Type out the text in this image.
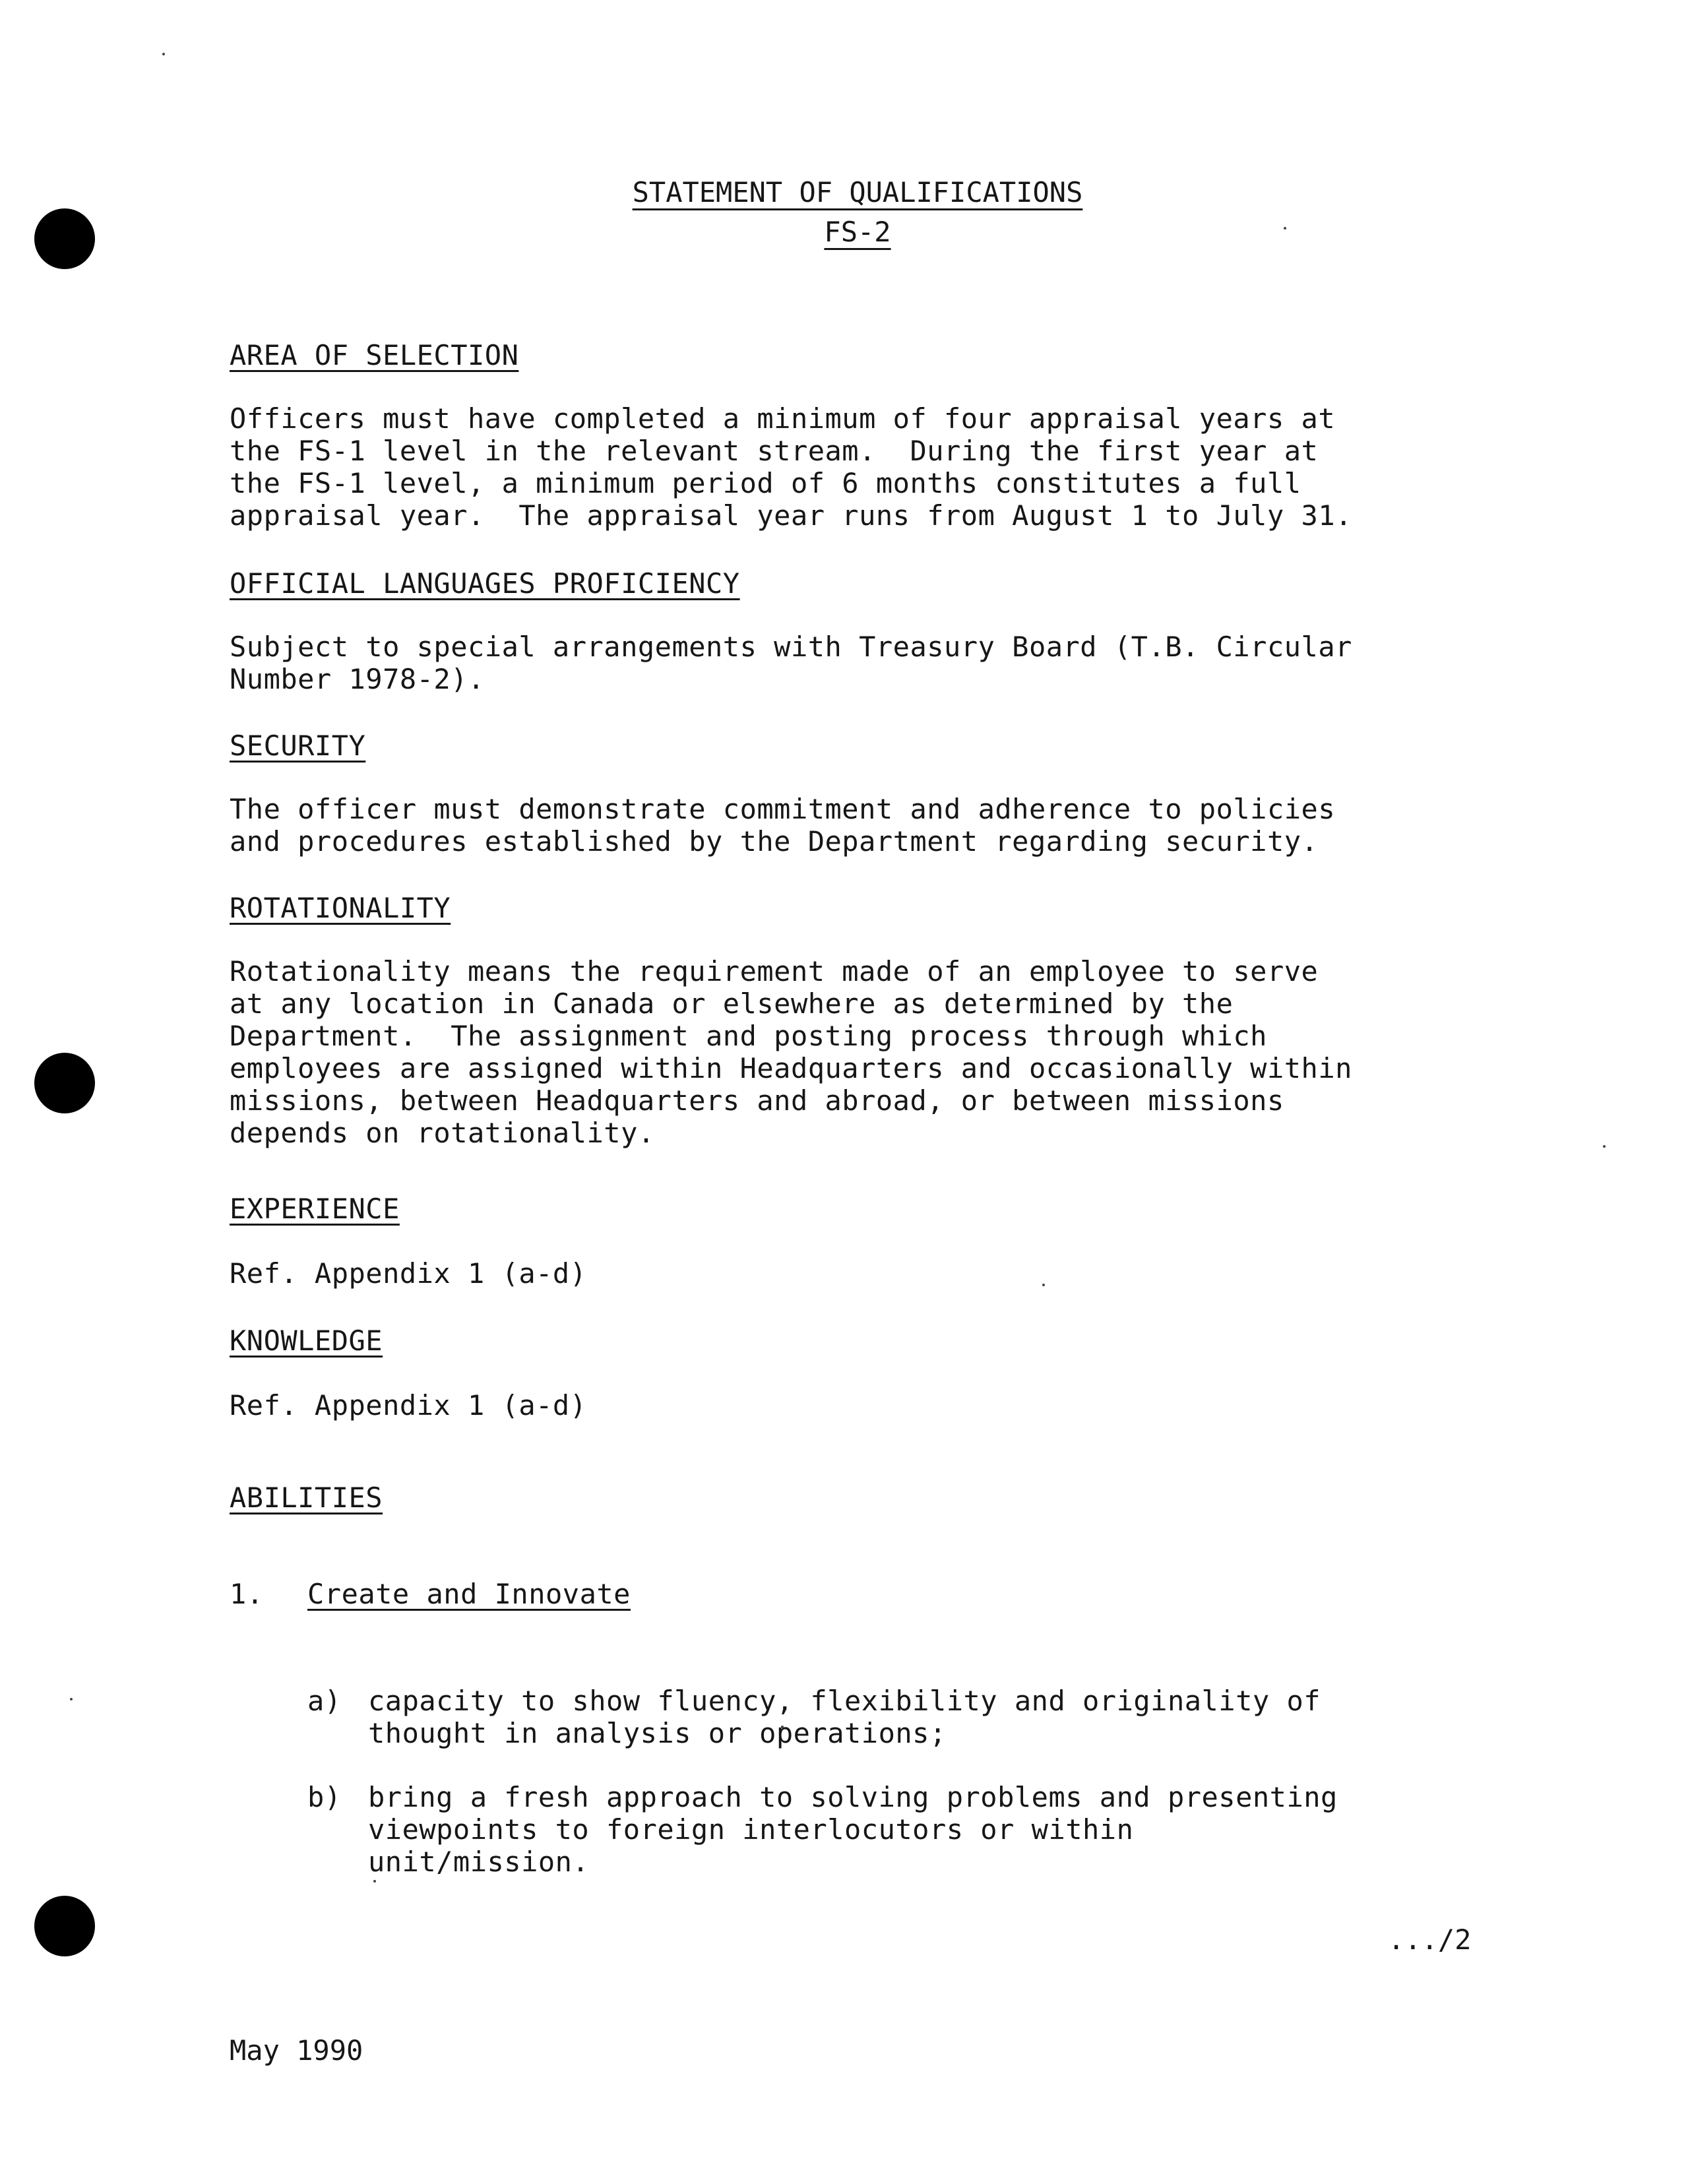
STATEMENT OF QUALIFICATIONS
FS-2

AREA OF SELECTION

Officers must have completed a minimum of four appraisal years at
the FS-1 level in the relevant stream.  During the first year at
the FS-1 level, a minimum period of 6 months constitutes a full
appraisal year.  The appraisal year runs from August 1 to July 31.

OFFICIAL LANGUAGES PROFICIENCY

Subject to special arrangements with Treasury Board (T.B. Circular
Number 1978-2).

SECURITY

The officer must demonstrate commitment and adherence to policies
and procedures established by the Department regarding security.

ROTATIONALITY

Rotationality means the requirement made of an employee to serve
at any location in Canada or elsewhere as determined by the
Department.  The assignment and posting process through which
employees are assigned within Headquarters and occasionally within
missions, between Headquarters and abroad, or between missions
depends on rotationality.

EXPERIENCE

Ref. Appendix 1 (a-d)

KNOWLEDGE

Ref. Appendix 1 (a-d)

ABILITIES

1. Create and Innovate
a) capacity to show fluency, flexibility and originality of
thought in analysis or operations;
b) bring a fresh approach to solving problems and presenting
viewpoints to foreign interlocutors or within
unit/mission.
.../2
May 1990
